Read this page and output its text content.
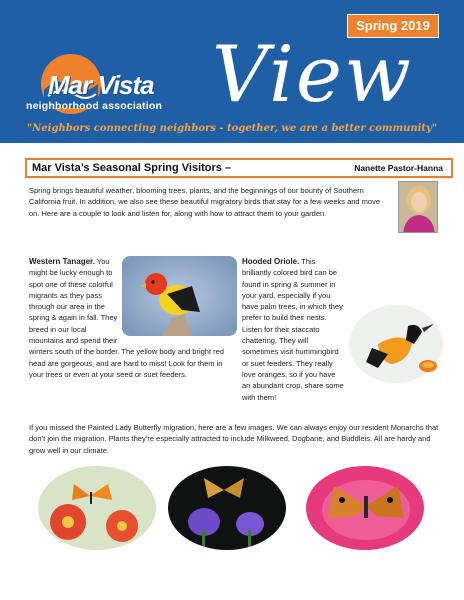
Spring 2019
Mar Vista
neighborhood association View
"Neighbors connecting neighbors - together, we are a better community"
Mar Vista’s Seasonal Spring Visitors –	Nanette Pastor-Hanna

Spring brings beautiful weather, blooming trees, plants, and the beginnings of our bounty of Southern California fruit. In addition, we also see these beautiful migratory birds that stay for a few weeks and move on. Here are a couple to look and listen for, along with how to attract them to your garden.

Western Tanager. You might be lucky enough to spot one of these colorful migrants as they pass through our area in the spring & again in fall. They breed in our local mountains and spend their winters south of the border. The yellow body and bright red head are gorgeous, and are hard to miss! Look for them in your trees or even at your seed or suet feeders.
Hooded Oriole. This brilliantly colored bird can be found in spring & summer in your yard, especially if you have palm trees, in which they prefer to build their nests. Listen for their staccato chattering. They will sometimes visit hummingbird or suet feeders. They really love oranges, so if you have an abundant crop, share some with them!

If you missed the Painted Lady Butterfly migration, here are a few images. We can always enjoy our resident Monarchs that don’t join the migration. Plants they’re especially attracted to include Milkweed, Dogbane, and Buddleis. All are hardy and grow well in our climate.
